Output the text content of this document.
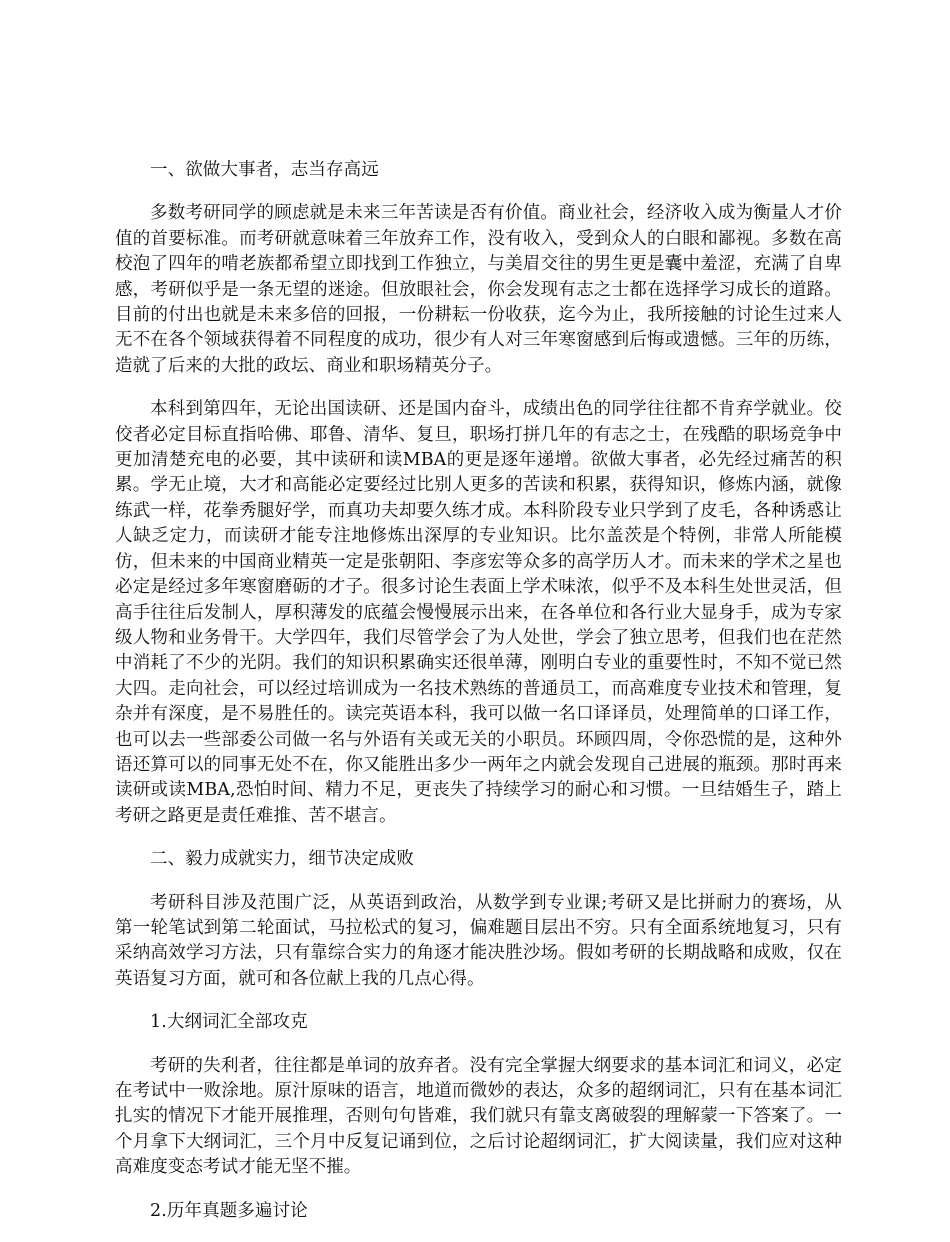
一、欲做大事者，志当存高远

多数考研同学的顾虑就是未来三年苦读是否有价值。商业社会，经济收入成为衡量人才价值的首要标准。而考研就意味着三年放弃工作，没有收入，受到众人的白眼和鄙视。多数在高校泡了四年的啃老族都希望立即找到工作独立，与美眉交往的男生更是囊中羞涩，充满了自卑感，考研似乎是一条无望的迷途。但放眼社会，你会发现有志之士都在选择学习成长的道路。目前的付出也就是未来多倍的回报，一份耕耘一份收获，迄今为止，我所接触的讨论生过来人无不在各个领域获得着不同程度的成功，很少有人对三年寒窗感到后悔或遗憾。三年的历练，造就了后来的大批的政坛、商业和职场精英分子。

本科到第四年，无论出国读研、还是国内奋斗，成绩出色的同学往往都不肯弃学就业。佼佼者必定目标直指哈佛、耶鲁、清华、复旦，职场打拼几年的有志之士，在残酷的职场竞争中更加清楚充电的必要，其中读研和读MBA的更是逐年递增。欲做大事者，必先经过痛苦的积累。学无止境，大才和高能必定要经过比别人更多的苦读和积累，获得知识，修炼内涵，就像练武一样，花拳秀腿好学，而真功夫却要久练才成。本科阶段专业只学到了皮毛，各种诱惑让人缺乏定力，而读研才能专注地修炼出深厚的专业知识。比尔盖茨是个特例，非常人所能模仿，但未来的中国商业精英一定是张朝阳、李彦宏等众多的高学历人才。而未来的学术之星也必定是经过多年寒窗磨砺的才子。很多讨论生表面上学术味浓，似乎不及本科生处世灵活，但高手往往后发制人，厚积薄发的底蕴会慢慢展示出来，在各单位和各行业大显身手，成为专家级人物和业务骨干。大学四年，我们尽管学会了为人处世，学会了独立思考，但我们也在茫然中消耗了不少的光阴。我们的知识积累确实还很单薄，刚明白专业的重要性时，不知不觉已然大四。走向社会，可以经过培训成为一名技术熟练的普通员工，而高难度专业技术和管理，复杂并有深度，是不易胜任的。读完英语本科，我可以做一名口译译员，处理简单的口译工作，也可以去一些部委公司做一名与外语有关或无关的小职员。环顾四周，令你恐慌的是，这种外语还算可以的同事无处不在，你又能胜出多少一两年之内就会发现自己进展的瓶颈。那时再来读研或读MBA,恐怕时间、精力不足，更丧失了持续学习的耐心和习惯。一旦结婚生子，踏上考研之路更是责任难推、苦不堪言。

二、毅力成就实力，细节决定成败

考研科目涉及范围广泛，从英语到政治，从数学到专业课;考研又是比拼耐力的赛场，从第一轮笔试到第二轮面试，马拉松式的复习，偏难题目层出不穷。只有全面系统地复习，只有采纳高效学习方法，只有靠综合实力的角逐才能决胜沙场。假如考研的长期战略和成败，仅在英语复习方面，就可和各位献上我的几点心得。

1.大纲词汇全部攻克

考研的失利者，往往都是单词的放弃者。没有完全掌握大纲要求的基本词汇和词义，必定在考试中一败涂地。原汁原味的语言，地道而微妙的表达，众多的超纲词汇，只有在基本词汇扎实的情况下才能开展推理，否则句句皆难，我们就只有靠支离破裂的理解蒙一下答案了。一个月拿下大纲词汇，三个月中反复记诵到位，之后讨论超纲词汇，扩大阅读量，我们应对这种高难度变态考试才能无坚不摧。

2.历年真题多遍讨论
